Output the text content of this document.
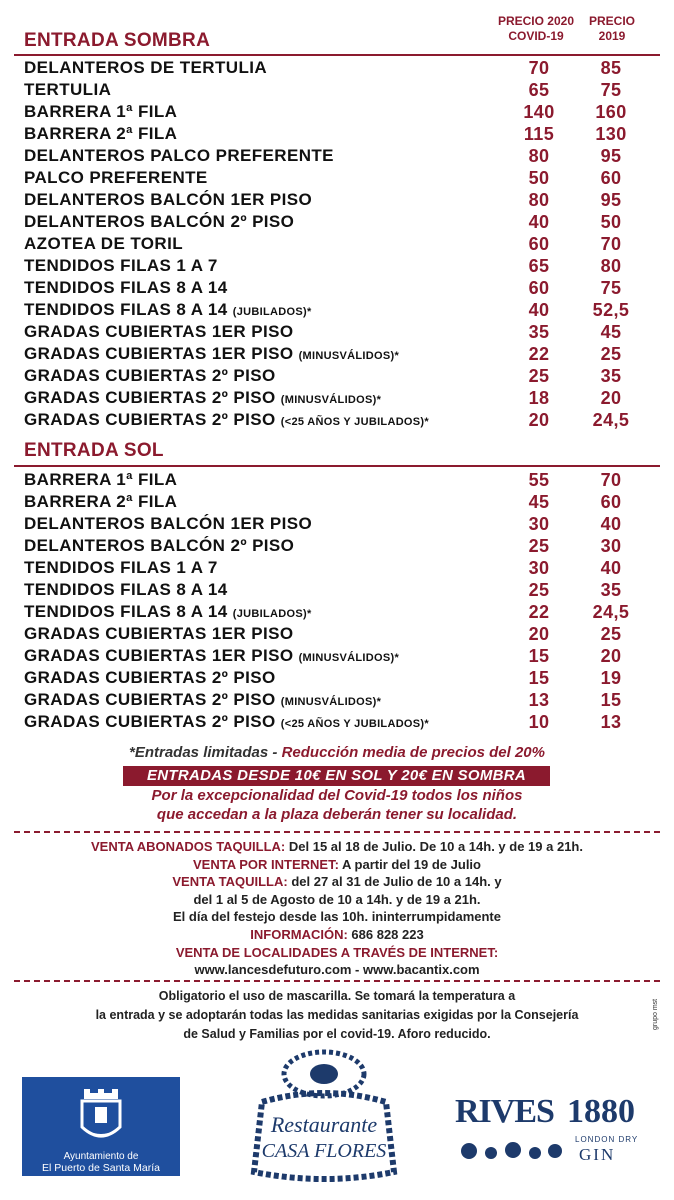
PRECIO 2020
COVID-19
PRECIO
2019
ENTRADA SOMBRA
DELANTEROS DE TERTULIA	70	85
TERTULIA	65	75
BARRERA 1ª FILA	140	160
BARRERA 2ª FILA	115	130
DELANTEROS PALCO PREFERENTE	80	95
PALCO PREFERENTE	50	60
DELANTEROS BALCÓN 1ER PISO	80	95
DELANTEROS BALCÓN 2º PISO	40	50
AZOTEA DE TORIL	60	70
TENDIDOS FILAS 1 A 7	65	80
TENDIDOS FILAS 8 A 14	60	75
TENDIDOS FILAS 8 A 14 (JUBILADOS)*	40	52,5
GRADAS CUBIERTAS 1ER PISO	35	45
GRADAS CUBIERTAS 1ER PISO (MINUSVÁLIDOS)*	22	25
GRADAS CUBIERTAS 2º PISO	25	35
GRADAS CUBIERTAS 2º PISO (MINUSVÁLIDOS)*	18	20
GRADAS CUBIERTAS 2º PISO (<25 AÑOS Y JUBILADOS)*	20	24,5
ENTRADA SOL
BARRERA 1ª FILA	55	70
BARRERA 2ª FILA	45	60
DELANTEROS BALCÓN 1ER PISO	30	40
DELANTEROS BALCÓN 2º PISO	25	30
TENDIDOS FILAS 1 A 7	30	40
TENDIDOS FILAS 8 A 14	25	35
TENDIDOS FILAS 8 A 14 (JUBILADOS)*	22	24,5
GRADAS CUBIERTAS 1ER PISO	20	25
GRADAS CUBIERTAS 1ER PISO (MINUSVÁLIDOS)*	15	20
GRADAS CUBIERTAS 2º PISO	15	19
GRADAS CUBIERTAS 2º PISO (MINUSVÁLIDOS)*	13	15
GRADAS CUBIERTAS 2º PISO (<25 AÑOS Y JUBILADOS)*	10	13
*Entradas limitadas - Reducción media de precios del 20%
ENTRADAS DESDE 10€ EN SOL Y 20€ EN SOMBRA
Por la excepcionalidad del Covid-19 todos los niños
que accedan a la plaza deberán tener su localidad.
VENTA ABONADOS TAQUILLA: Del 15 al 18 de Julio. De 10 a 14h. y de 19 a 21h.
VENTA POR INTERNET: A partir del 19 de Julio
VENTA TAQUILLA: del 27 al 31 de Julio de 10 a 14h. y
del 1 al 5 de Agosto de 10 a 14h. y de 19 a 21h.
El día del festejo desde las 10h. ininterrumpidamente
INFORMACIÓN: 686 828 223
VENTA DE LOCALIDADES A TRAVÉS DE INTERNET:
www.lancesdefuturo.com - www.bacantix.com
Obligatorio el uso de mascarilla. Se tomará la temperatura a
la entrada y se adoptarán todas las medidas sanitarias exigidas por la Consejería
de Salud y Familias por el covid-19. Aforo reducido.
grupo mst
Ayuntamiento de
El Puerto de Santa María
Restaurante
CASA FLORES
RIVES 1880
LONDON DRY
GIN
